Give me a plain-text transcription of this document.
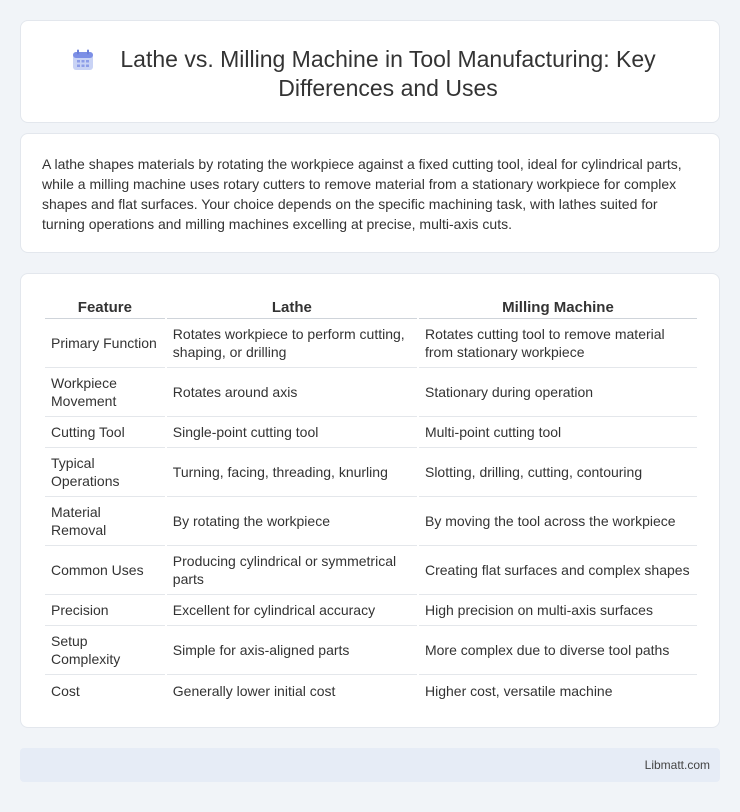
Lathe vs. Milling Machine in Tool Manufacturing: Key Differences and Uses

A lathe shapes materials by rotating the workpiece against a fixed cutting tool, ideal for cylindrical parts, while a milling machine uses rotary cutters to remove material from a stationary workpiece for complex shapes and flat surfaces. Your choice depends on the specific machining task, with lathes suited for turning operations and milling machines excelling at precise, multi-axis cuts.

Feature	Lathe	Milling Machine
Primary Function	Rotates workpiece to perform cutting, shaping, or drilling	Rotates cutting tool to remove material from stationary workpiece
Workpiece Movement	Rotates around axis	Stationary during operation
Cutting Tool	Single-point cutting tool	Multi-point cutting tool
Typical Operations	Turning, facing, threading, knurling	Slotting, drilling, cutting, contouring
Material Removal	By rotating the workpiece	By moving the tool across the workpiece
Common Uses	Producing cylindrical or symmetrical parts	Creating flat surfaces and complex shapes
Precision	Excellent for cylindrical accuracy	High precision on multi-axis surfaces
Setup Complexity	Simple for axis-aligned parts	More complex due to diverse tool paths
Cost	Generally lower initial cost	Higher cost, versatile machine
Libmatt.com
